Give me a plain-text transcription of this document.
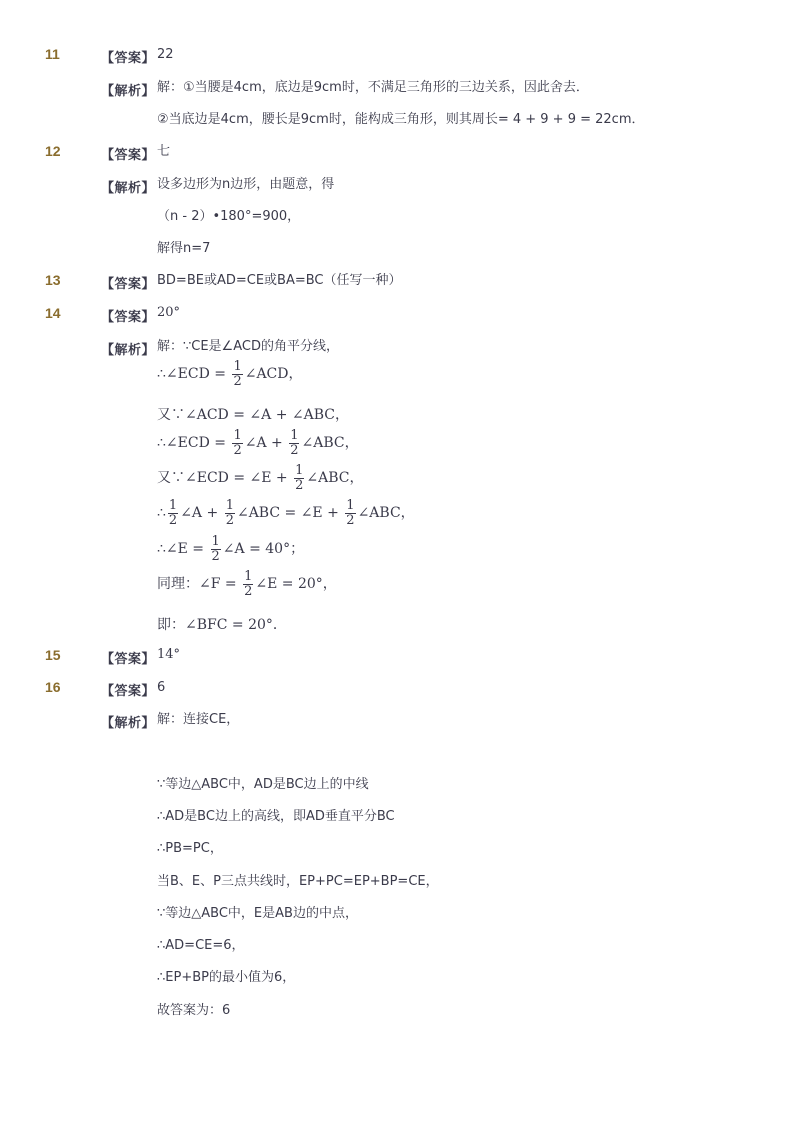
11	【答案】 22
【解析】 解：①当腰是4cm，底边是9cm时，不满足三角形的三边关系，因此舍去．
②当底边是4cm，腰长是9cm时，能构成三角形，则其周长= 4 + 9 + 9 = 22cm．
12	【答案】 七
【解析】 设多边形为n边形，由题意，得
（n - 2）•180°=900，
解得n=7
13	【答案】 BD=BE或AD=CE或BA=BC（任写一种）
14	【答案】 20°
【解析】 解：∵CE是∠ACD的角平分线，
∴∠ECD = $\frac{1}{2}$ ∠ACD，
又∵∠ACD = ∠A + ∠ABC，
∴∠ECD = $\frac{1}{2}$ ∠A + $\frac{1}{2}$ ∠ABC，
又∵∠ECD = ∠E + $\frac{1}{2}$ ∠ABC，
∴ $\frac{1}{2}$ ∠A + $\frac{1}{2}$ ∠ABC = ∠E + $\frac{1}{2}$ ∠ABC，
∴∠E = $\frac{1}{2}$ ∠A = 40°；
同理：∠F = $\frac{1}{2}$ ∠E = 20°，
即：∠BFC = 20°．
15	【答案】 14°
16	【答案】 6
【解析】 解：连接CE，
∵等边△ABC中，AD是BC边上的中线
∴AD是BC边上的高线，即AD垂直平分BC
∴PB=PC，
当B、E、P三点共线时，EP+PC=EP+BP=CE，
∵等边△ABC中，E是AB边的中点，
∴AD=CE=6，
∴EP+BP的最小值为6，
故答案为：6
